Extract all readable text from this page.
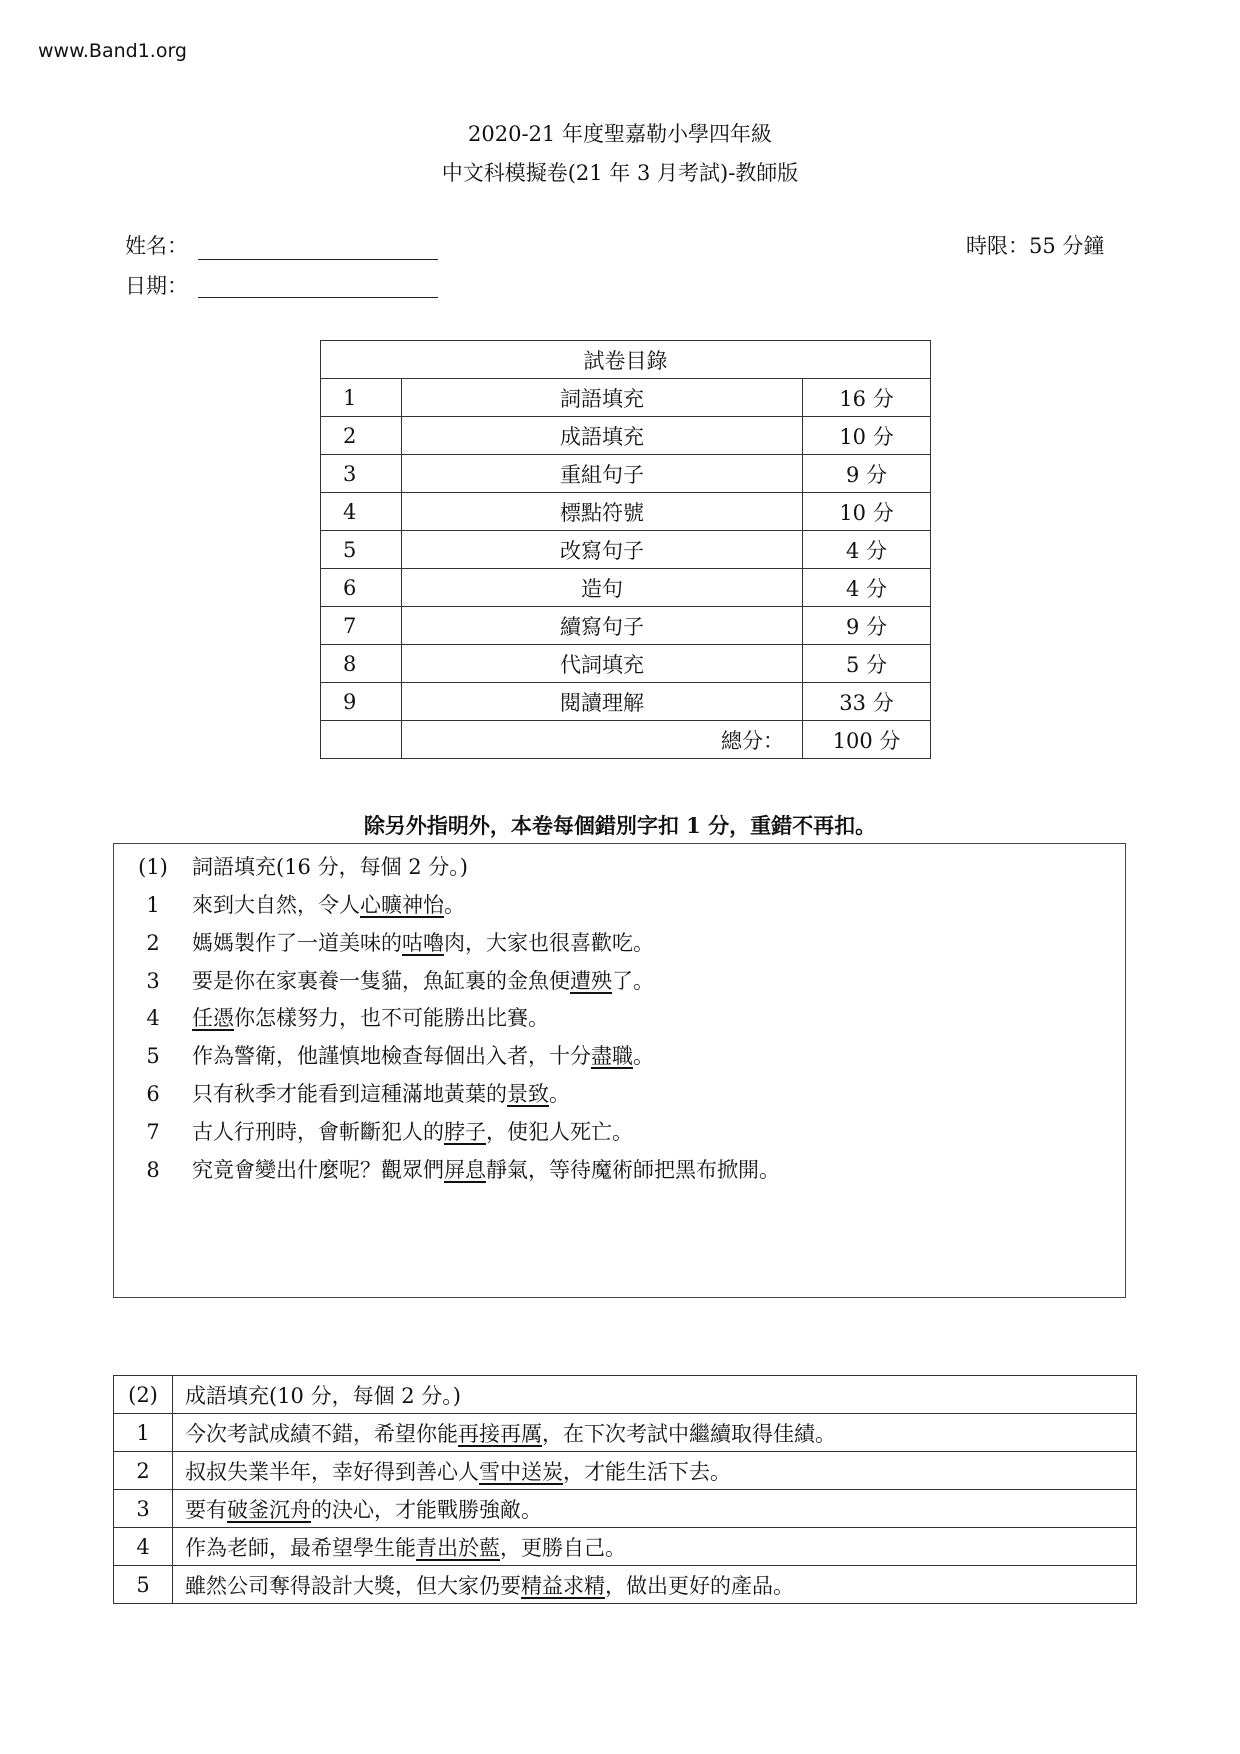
www.Band1.org
2020-21 年度聖嘉勒小學四年級
中文科模擬卷(21 年 3 月考試)-教師版
姓名：
日期：
時限：55 分鐘
試卷目錄		
1	詞語填充	16 分
2	成語填充	10 分
3	重組句子	9 分
4	標點符號	10 分
5	改寫句子	4 分
6	造句	4 分
7	續寫句子	9 分
8	代詞填充	5 分
9	閱讀理解	33 分
	總分：	100 分
除另外指明外，本卷每個錯別字扣 1 分，重錯不再扣。
(1) 詞語填充(16 分，每個 2 分。)
1 來到大自然，令人心曠神怡。
2 媽媽製作了一道美味的咕嚕肉，大家也很喜歡吃。
3 要是你在家裏養一隻貓，魚缸裏的金魚便遭殃了。
4 任憑你怎樣努力，也不可能勝出比賽。
5 作為警衛，他謹慎地檢查每個出入者，十分盡職。
6 只有秋季才能看到這種滿地黃葉的景致。
7 古人行刑時，會斬斷犯人的脖子，使犯人死亡。
8 究竟會變出什麼呢？觀眾們屏息靜氣，等待魔術師把黑布掀開。
(2)	成語填充(10 分，每個 2 分。)
1	今次考試成績不錯，希望你能再接再厲，在下次考試中繼續取得佳績。
2	叔叔失業半年，幸好得到善心人雪中送炭，才能生活下去。
3	要有破釜沉舟的決心，才能戰勝強敵。
4	作為老師，最希望學生能青出於藍，更勝自己。
5	雖然公司奪得設計大獎，但大家仍要精益求精，做出更好的產品。
